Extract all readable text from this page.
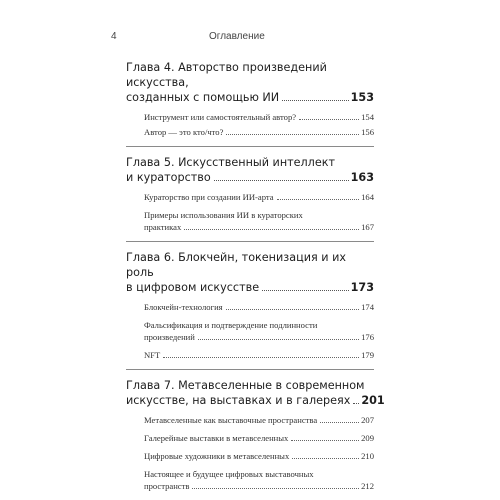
4	Оглавление
Глава 4. Авторство произведений искусства,
созданных с помощью ИИ	153
Инструмент или самостоятельный автор?	154
Автор — это кто/что?	156
Глава 5. Искусственный интеллект
и кураторство	163
Кураторство при создании ИИ-арта	164
Примеры использования ИИ в кураторских
практиках	167
Глава 6. Блокчейн, токенизация и их роль
в цифровом искусстве	173
Блокчейн-технология	174
Фальсификация и подтверждение подлинности
произведений	176
NFT	179
Глава 7. Метавселенные в современном
искусстве, на выставках и в галереях 201
Метавселенные как выставочные пространства	207
Галерейные выставки в метавселенных	209
Цифровые художники в метавселенных	210
Настоящее и будущее цифровых выставочных
пространств	212
